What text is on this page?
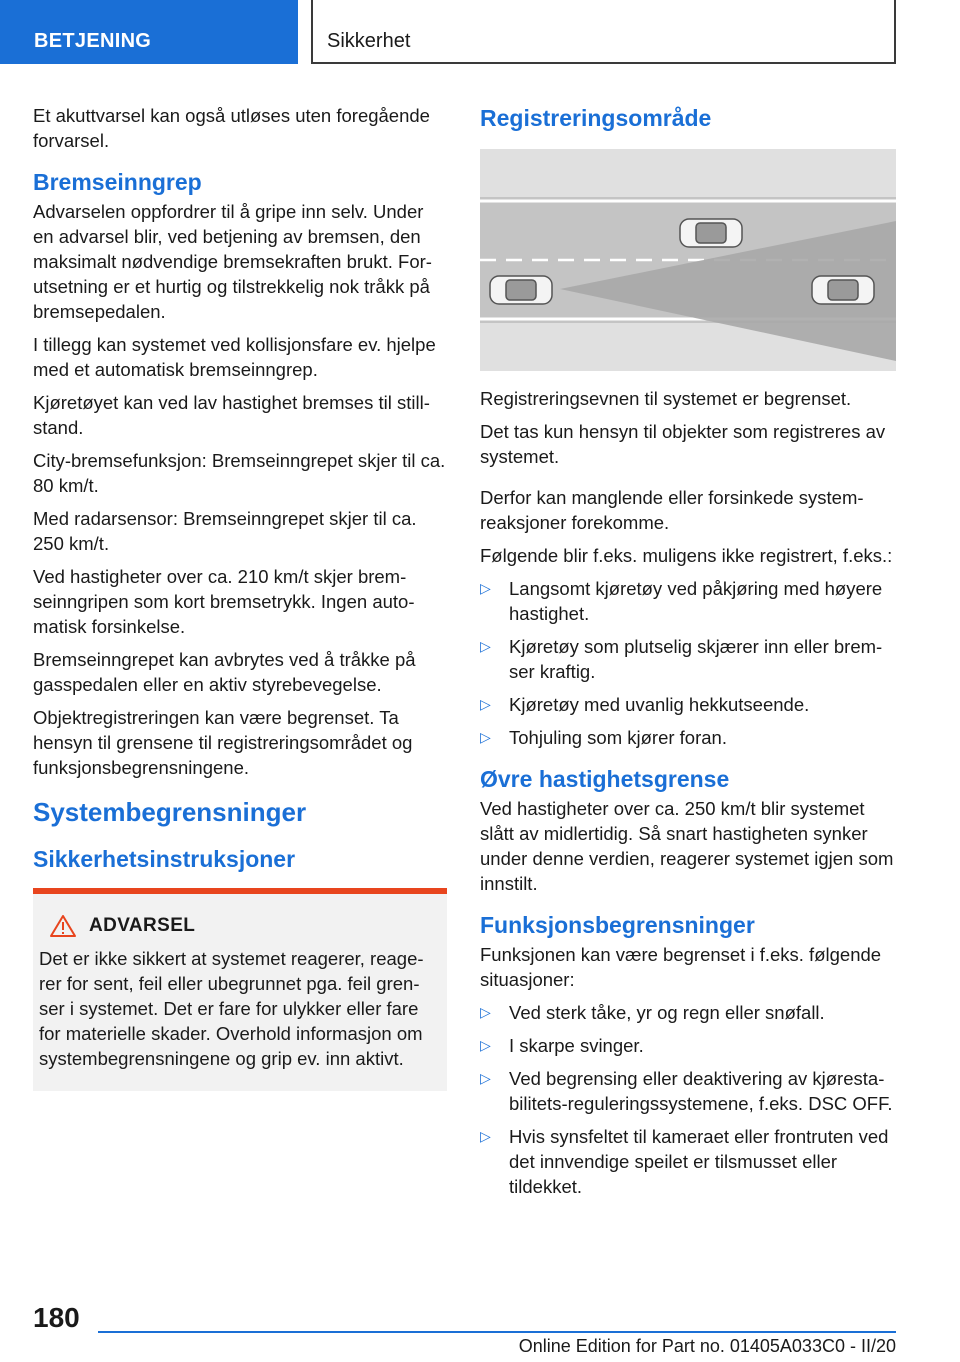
BETJENING	Sikkerhet

Et akuttvarsel kan også utløses uten foregående forvarsel.

Bremseinngrep

Advarselen oppfordrer til å gripe inn selv. Under en advarsel blir, ved betjening av bremsen, den maksimalt nødvendige bremsekraften brukt. Forutsetning er et hurtig og tilstrekkelig nok tråkk på bremsepedalen.

I tillegg kan systemet ved kollisjonsfare ev. hjelpe med et automatisk bremseinngrep.

Kjøretøyet kan ved lav hastighet bremses til stillstand.

City-bremsefunksjon: Bremseinngrepet skjer til ca. 80 km/t.

Med radarsensor: Bremseinngrepet skjer til ca. 250 km/t.

Ved hastigheter over ca. 210 km/t skjer bremseinngripen som kort bremsetrykk. Ingen automatisk forsinkelse.

Bremseinngrepet kan avbrytes ved å tråkke på gasspedalen eller en aktiv styrebevegelse.

Objektregistreringen kan være begrenset. Ta hensyn til grensene til registreringsområdet og funksjonsbegrensningene.

Systembegrensninger
Sikkerhetsinstruksjoner
ADVARSEL

Det er ikke sikkert at systemet reagerer, reagerer for sent, feil eller ubegrunnet pga. feil grenser i systemet. Det er fare for ulykker eller fare for materielle skader. Overhold informasjon om systembegrensningene og grip ev. inn aktivt.

Registreringsområde

Registreringsevnen til systemet er begrenset.

Det tas kun hensyn til objekter som registreres av systemet.

Derfor kan manglende eller forsinkede systemreaksjoner forekomme.

Følgende blir f.eks. muligens ikke registrert, f.eks.:

▷ Langsomt kjøretøy ved påkjøring med høyere hastighet.
▷ Kjøretøy som plutselig skjærer inn eller bremser kraftig.
▷ Kjøretøy med uvanlig hekkutseende.
▷ Tohjuling som kjører foran.
Øvre hastighetsgrense

Ved hastigheter over ca. 250 km/t blir systemet slått av midlertidig. Så snart hastigheten synker under denne verdien, reagerer systemet igjen som innstilt.

Funksjonsbegrensninger

Funksjonen kan være begrenset i f.eks. følgende situasjoner:

▷ Ved sterk tåke, yr og regn eller snøfall.
▷ I skarpe svinger.
▷ Ved begrensing eller deaktivering av kjørestabilitets-reguleringssystemene, f.eks. DSC OFF.
▷ Hvis synsfeltet til kameraet eller frontruten ved det innvendige speilet er tilsmusset eller tildekket.
180
Online Edition for Part no. 01405A033C0 - II/20
